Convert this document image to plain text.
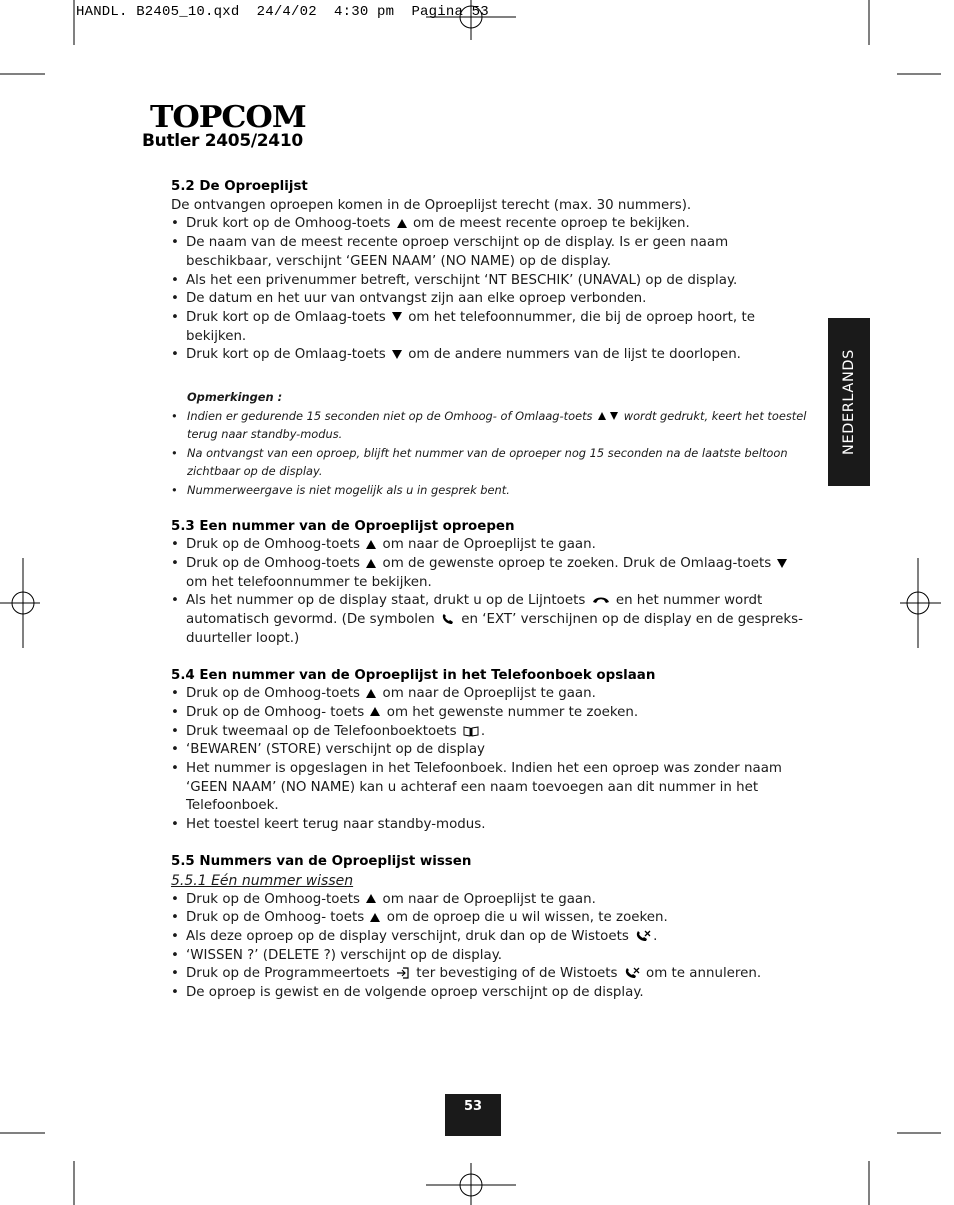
HANDL. B2405_10.qxd  24/4/02  4:30 pm  Pagina 53
TOPCOM
Butler 2405/2410
NEDERLANDS
5.2 De Oproeplijst

De ontvangen oproepen komen in de Oproeplijst terecht (max. 30 nummers).

• Druk kort op de Omhoog-toets om de meest recente oproep te bekijken.
• De naam van de meest recente oproep verschijnt op de display. Is er geen naam beschikbaar, verschijnt ‘GEEN NAAM’ (NO NAME) op de display.
• Als het een privenummer betreft, verschijnt ‘NT BESCHIK’ (UNAVAL) op de display.
• De datum en het uur van ontvangst zijn aan elke oproep verbonden.
• Druk kort op de Omlaag-toets om het telefoonnummer, die bij de oproep hoort, te bekijken.
• Druk kort op de Omlaag-toets om de andere nummers van de lijst te doorlopen.
Opmerkingen :
• Indien er gedurende 15 seconden niet op de Omhoog- of Omlaag-toets	wordt gedrukt, keert het toestel terug naar standby-modus.
• Na ontvangst van een oproep, blijft het nummer van de oproeper nog 15 seconden na de laatste beltoon zichtbaar op de display.
• Nummerweergave is niet mogelijk als u in gesprek bent.
5.3 Een nummer van de Oproeplijst oproepen
• Druk op de Omhoog-toets om naar de Oproeplijst te gaan.
• Druk op de Omhoog-toets om de gewenste oproep te zoeken. Druk de Omlaag-toets  om het telefoonnummer te bekijken.
• Als het nummer op de display staat, drukt u op de Lijntoets en het nummer wordt automatisch gevormd. (De symbolen en ‘EXT’ verschijnen op de display en de gespreks-duurteller loopt.)
5.4 Een nummer van de Oproeplijst in het Telefoonboek opslaan
• Druk op de Omhoog-toets om naar de Oproeplijst te gaan.
• Druk op de Omhoog- toets om het gewenste nummer te zoeken.
• Druk tweemaal op de Telefoonboektoets .
• ‘BEWAREN’ (STORE) verschijnt op de display
• Het nummer is opgeslagen in het Telefoonboek. Indien het een oproep was zonder naam ‘GEEN NAAM’ (NO NAME) kan u achteraf een naam toevoegen aan dit nummer in het Telefoonboek.
• Het toestel keert terug naar standby-modus.
5.5 Nummers van de Oproeplijst wissen

5.5.1 Eén nummer wissen

• Druk op de Omhoog-toets om naar de Oproeplijst te gaan.
• Druk op de Omhoog- toets om de oproep die u wil wissen, te zoeken.
• Als deze oproep op de display verschijnt, druk dan op de Wistoets .
• ‘WISSEN ?’ (DELETE ?) verschijnt op de display.
• Druk op de Programmeertoets ter bevestiging of de Wistoets om te annuleren.
• De oproep is gewist en de volgende oproep verschijnt op de display.
53
